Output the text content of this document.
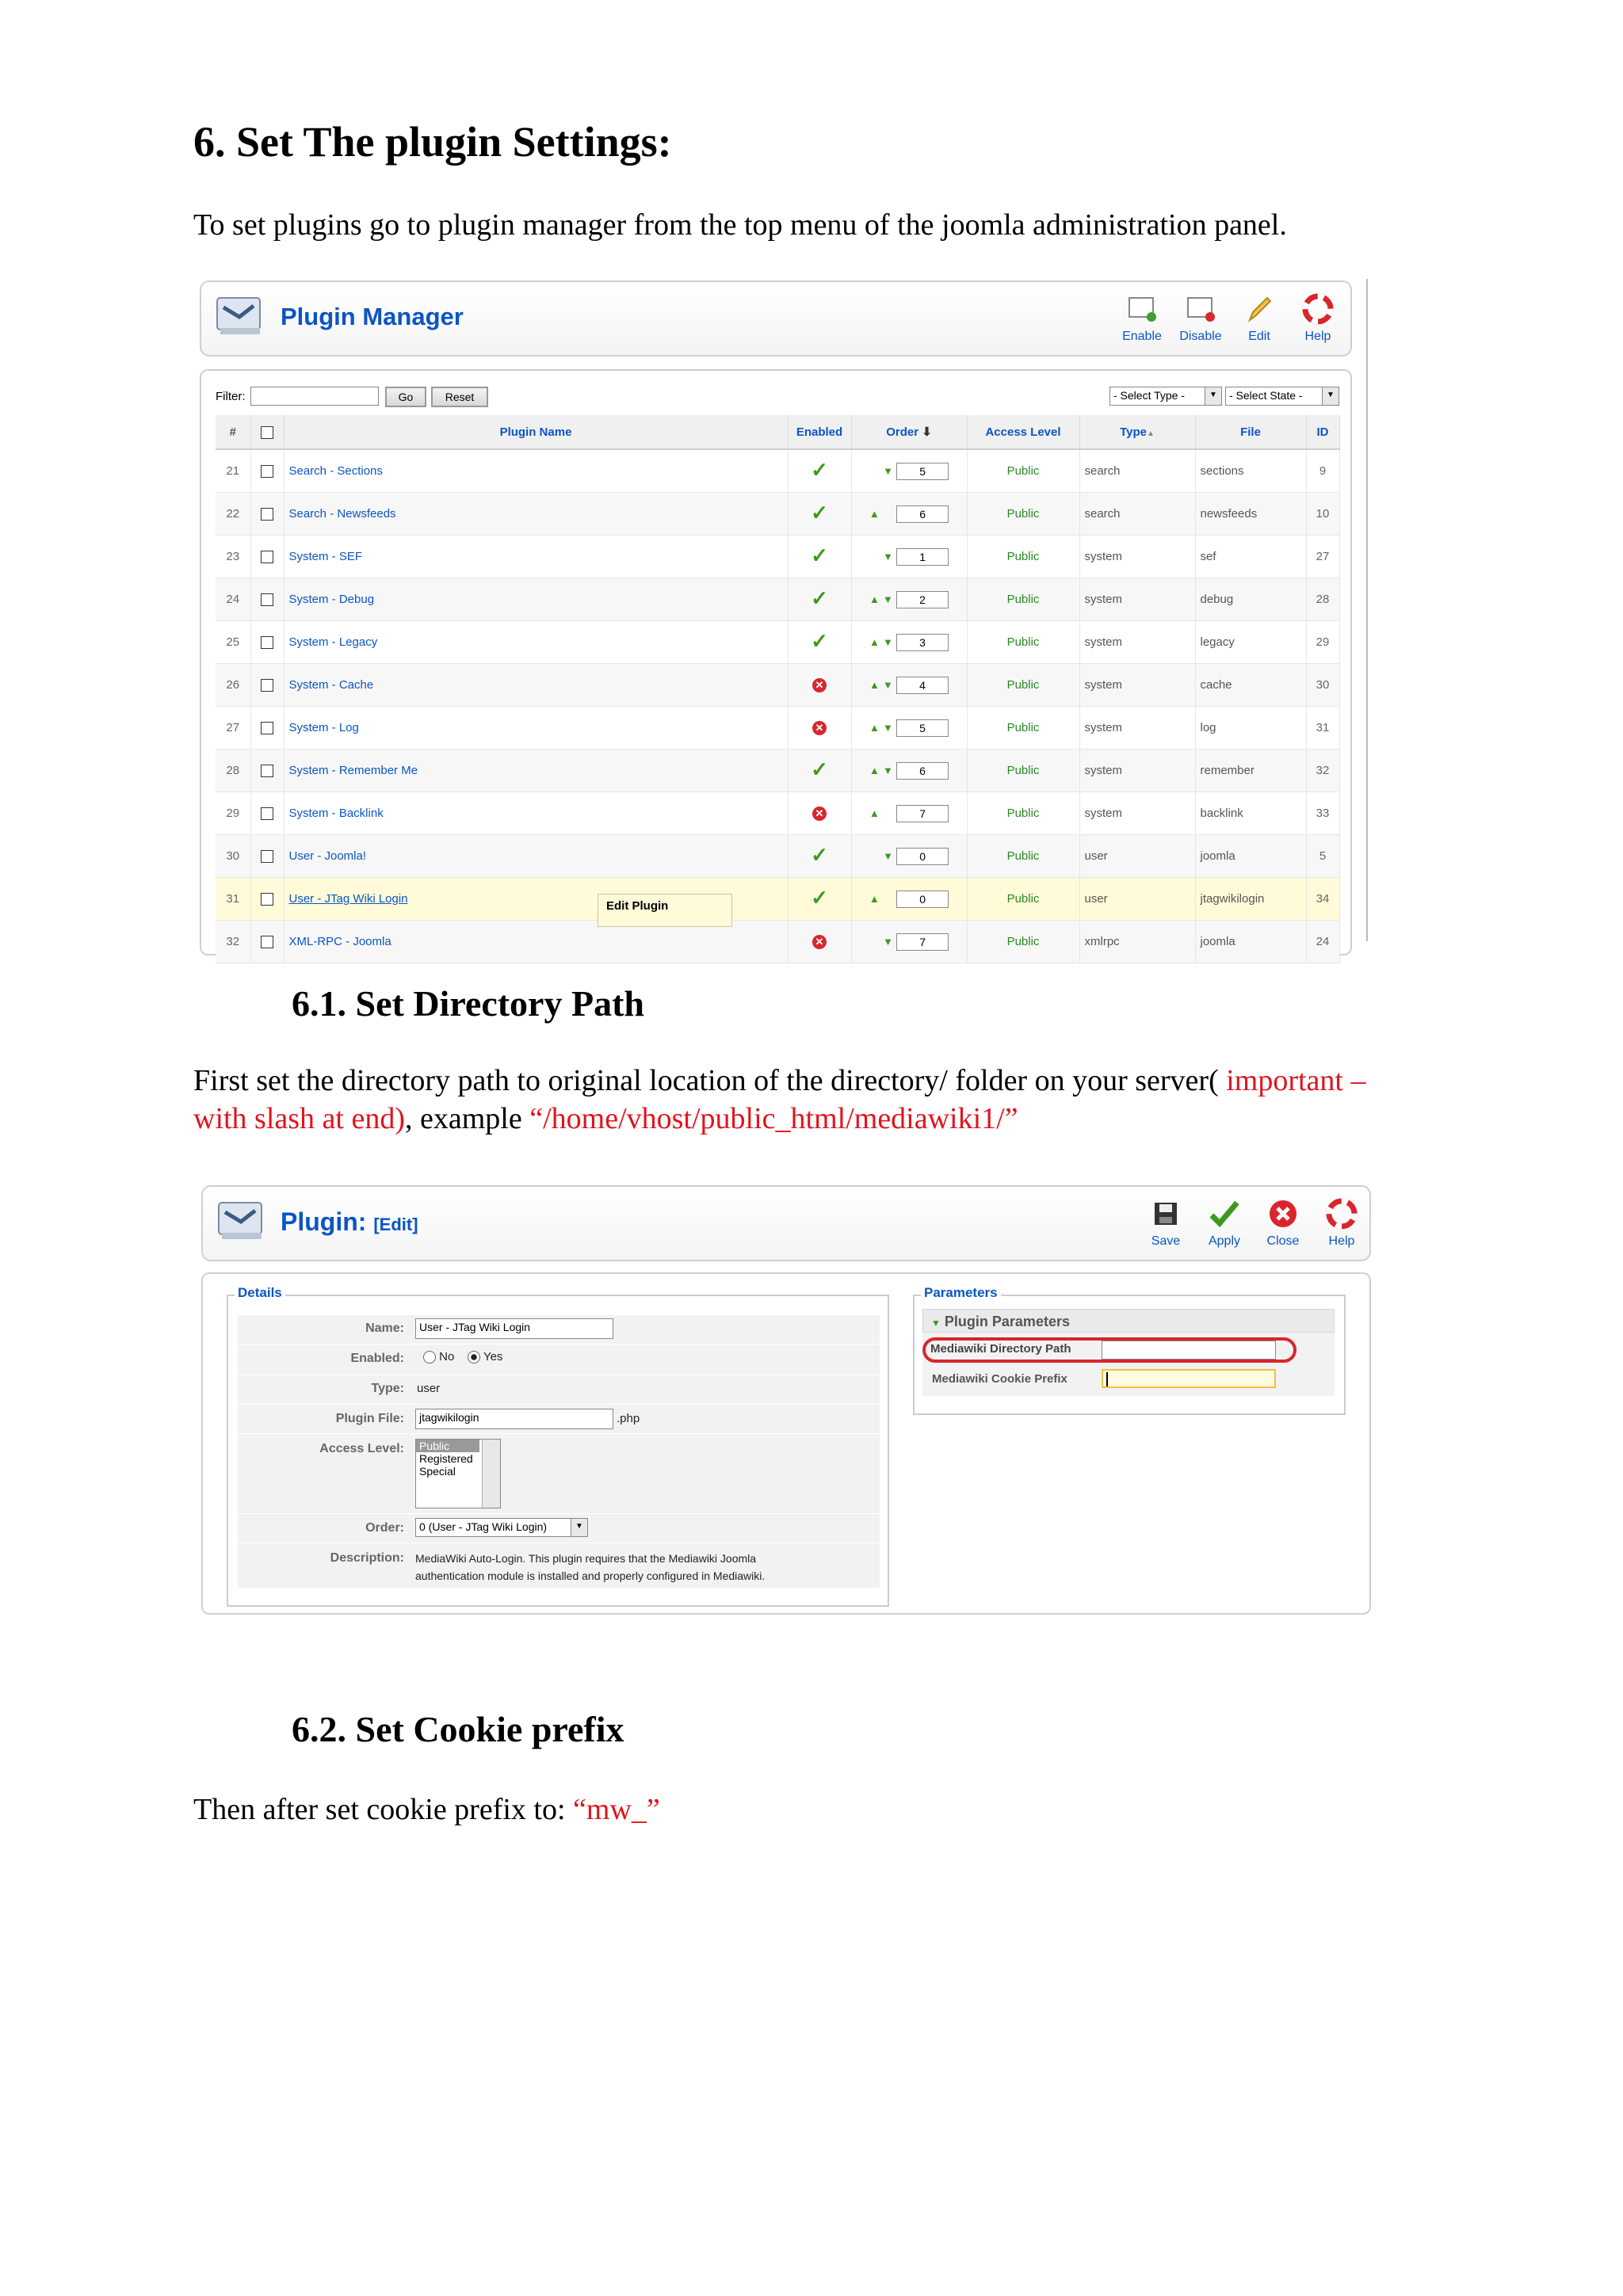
6. Set The plugin Settings:
To set plugins go to plugin manager from the top menu of the joomla administration panel.
Plugin Manager
Enable	Disable	Edit	Help
Filter:	Go	Reset	- Select Type -	▼	- Select State -	▼
#		Plugin Name	Enabled	Order ⬇	Access Level	Type▲	File	ID
21		Search - Sections	✓	▼ 5	Public	search	sections	9
22		Search - Newsfeeds	✓	▲ 6	Public	search	newsfeeds	10
23		System - SEF	✓	▼ 1	Public	system	sef	27
24		System - Debug	✓	▲ ▼ 2	Public	system	debug	28
25		System - Legacy	✓	▲ ▼ 3	Public	system	legacy	29
26		System - Cache	✕	▲ ▼ 4	Public	system	cache	30
27		System - Log	✕	▲ ▼ 5	Public	system	log	31
28		System - Remember Me	✓	▲ ▼ 6	Public	system	remember	32
29		System - Backlink	✕	▲ 7	Public	system	backlink	33
30		User - Joomla!	✓	▼ 0	Public	user	joomla	5
31		User - JTag Wiki Login	✓	▲ 0	Public	user	jtagwikilogin	34
32		XML-RPC - Joomla	✕	▼ 7	Public	xmlrpc	joomla	24
Edit Plugin
6.1. Set Directory Path
First set the directory path to original location of the directory/ folder on your server( important –
with slash at end), example “/home/vhost/public_html/mediawiki1/”
Plugin: [Edit]
Save	Apply	Close	Help
Details
Name:	User - JTag Wiki Login
Enabled:	No Yes
Type: user
Plugin File:	jtagwikilogin	.php
Access Level: Public
Registered
Special
Order:	0 (User - JTag Wiki Login)	▼
Description: MediaWiki Auto-Login. This plugin requires that the Mediawiki Joomla
authentication module is installed and properly configured in Mediawiki.
Parameters
▼ Plugin Parameters
Mediawiki Directory Path
Mediawiki Cookie Prefix
6.2. Set Cookie prefix
Then after set cookie prefix to: “mw_”
